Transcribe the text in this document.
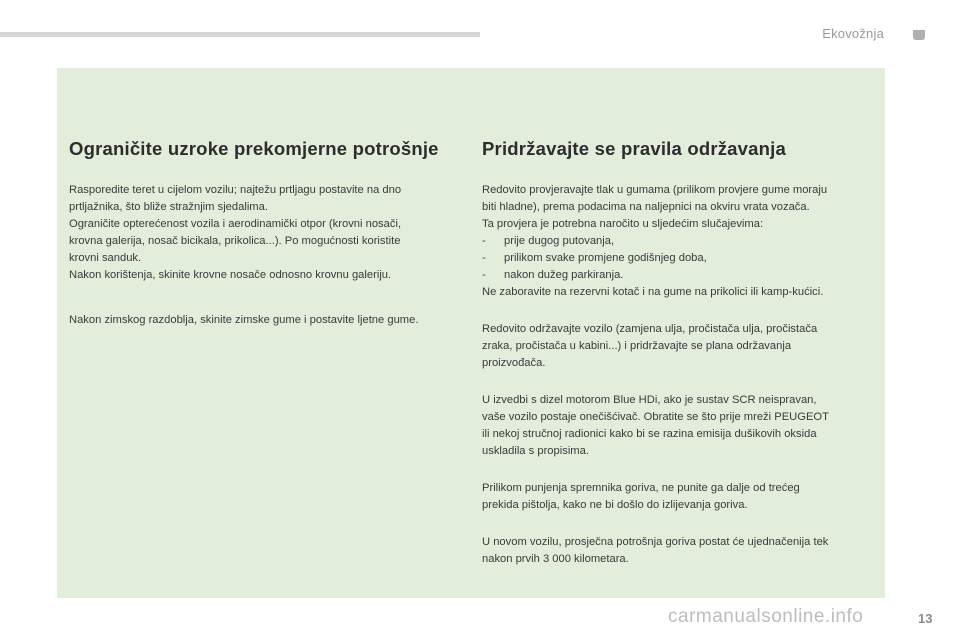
Ekovožnja
Ograničite uzroke prekomjerne potrošnje

Rasporedite teret u cijelom vozilu; najtežu prtljagu postavite na dno
prtljažnika, što bliže stražnjim sjedalima.
Ograničite opterećenost vozila i aerodinamički otpor (krovni nosači,
krovna galerija, nosač bicikala, prikolica...). Po mogućnosti koristite
krovni sanduk.
Nakon korištenja, skinite krovne nosače odnosno krovnu galeriju.

Nakon zimskog razdoblja, skinite zimske gume i postavite ljetne gume.

Pridržavajte se pravila održavanja

Redovito provjeravajte tlak u gumama (prilikom provjere gume moraju
biti hladne), prema podacima na naljepnici na okviru vrata vozača.
Ta provjera je potrebna naročito u sljedećim slučajevima:

-	prije dugog putovanja,
-	prilikom svake promjene godišnjeg doba,
-	nakon dužeg parkiranja.
Ne zaboravite na rezervni kotač i na gume na prikolici ili kamp-kućici.

Redovito održavajte vozilo (zamjena ulja, pročistača ulja, pročistača
zraka, pročistača u kabini...) i pridržavajte se plana održavanja
proizvođača.

U izvedbi s dizel motorom Blue HDi, ako je sustav SCR neispravan,
vaše vozilo postaje onečišćivač. Obratite se što prije mreži PEUGEOT
ili nekoj stručnoj radionici kako bi se razina emisija dušikovih oksida
uskladila s propisima.

Prilikom punjenja spremnika goriva, ne punite ga dalje od trećeg
prekida pištolja, kako ne bi došlo do izlijevanja goriva.

U novom vozilu, prosječna potrošnja goriva postat će ujednačenija tek
nakon prvih 3 000 kilometara.

carmanualsonline.info	13
